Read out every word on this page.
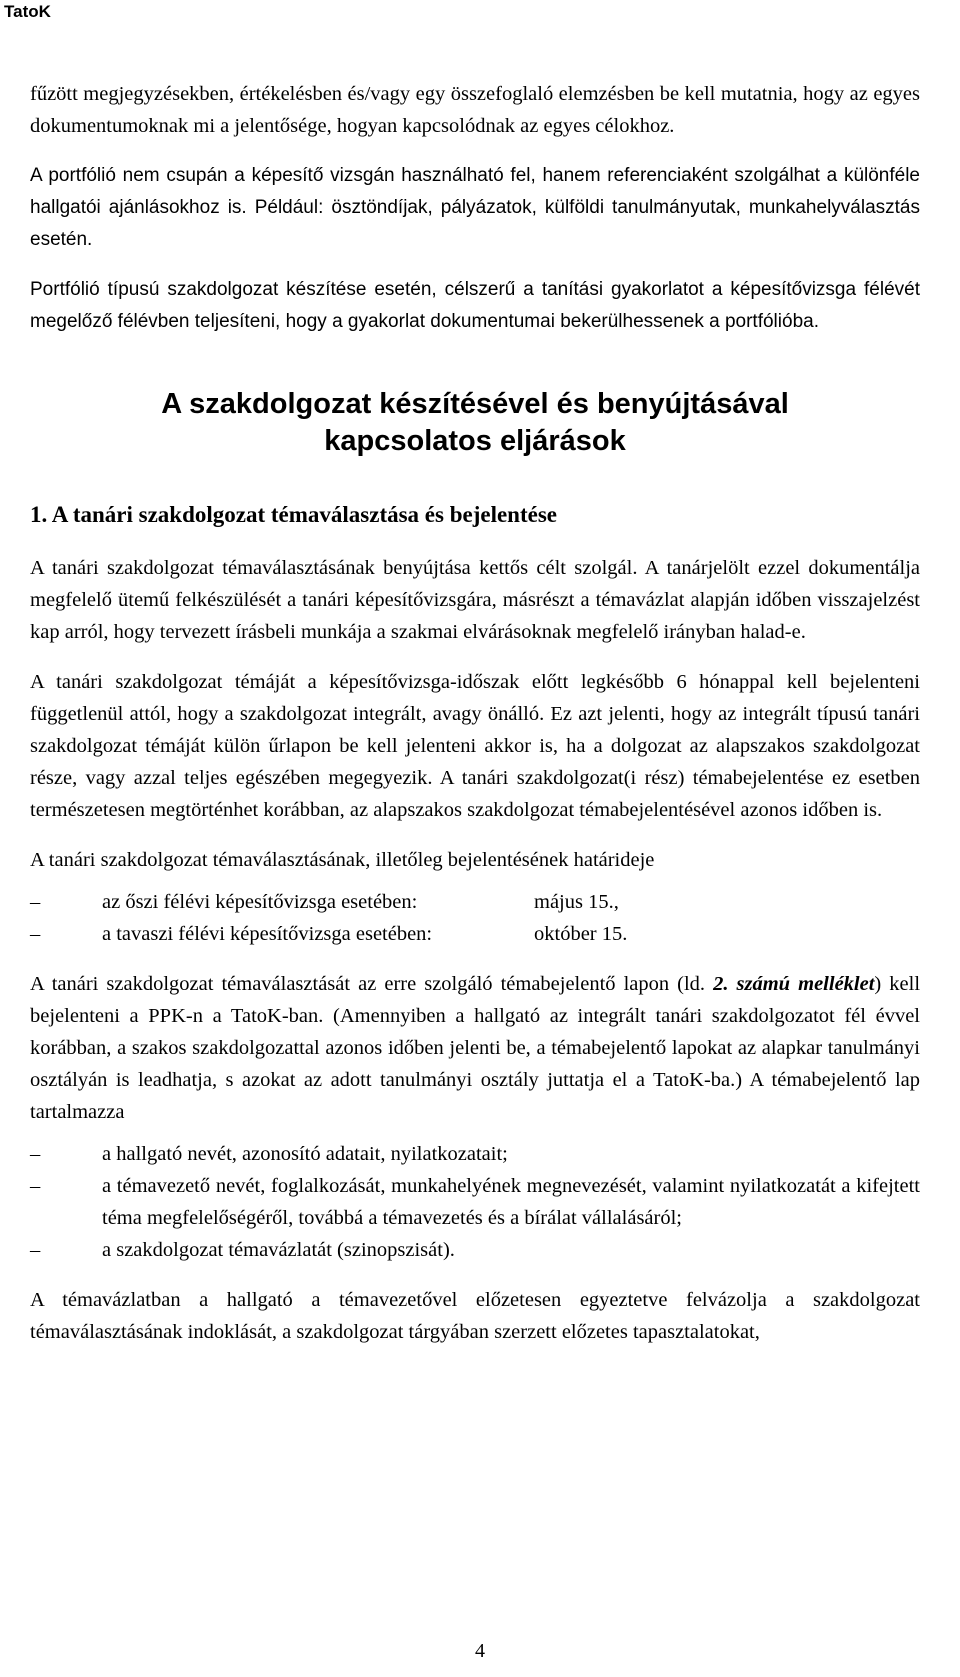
TatoK

fűzött megjegyzésekben, értékelésben és/vagy egy összefoglaló elemzésben be kell mutatnia, hogy az egyes dokumentumoknak mi a jelentősége, hogyan kapcsolódnak az egyes célokhoz.

A portfólió nem csupán a képesítő vizsgán használható fel, hanem referenciaként szolgálhat a különféle hallgatói ajánlásokhoz is. Például: ösztöndíjak, pályázatok, külföldi tanulmányutak, munkahelyválasztás esetén.

Portfólió típusú szakdolgozat készítése esetén, célszerű a tanítási gyakorlatot a képesítővizsga félévét megelőző félévben teljesíteni, hogy a gyakorlat dokumentumai bekerülhessenek a portfólióba.

A szakdolgozat készítésével és benyújtásával
kapcsolatos eljárások
1. A tanári szakdolgozat témaválasztása és bejelentése

A tanári szakdolgozat témaválasztásának benyújtása kettős célt szolgál. A tanárjelölt ezzel dokumentálja megfelelő ütemű felkészülését a tanári képesítővizsgára, másrészt a témavázlat alapján időben visszajelzést kap arról, hogy tervezett írásbeli munkája a szakmai elvárásoknak megfelelő irányban halad-e.

A tanári szakdolgozat témáját a képesítővizsga-időszak előtt legkésőbb 6 hónappal kell bejelenteni függetlenül attól, hogy a szakdolgozat integrált, avagy önálló. Ez azt jelenti, hogy az integrált típusú tanári szakdolgozat témáját külön űrlapon be kell jelenteni akkor is, ha a dolgozat az alapszakos szakdolgozat része, vagy azzal teljes egészében megegyezik. A tanári szakdolgozat(i rész) témabejelentése ez esetben természetesen megtörténhet korábban, az alapszakos szakdolgozat témabejelentésével azonos időben is.

A tanári szakdolgozat témaválasztásának, illetőleg bejelentésének határideje

–	az őszi félévi képesítővizsga esetében:	május 15.,
–	a tavaszi félévi képesítővizsga esetében:	október 15.

A tanári szakdolgozat témaválasztását az erre szolgáló témabejelentő lapon (ld. 2. számú melléklet) kell bejelenteni a PPK-n a TatoK-ban. (Amennyiben a hallgató az integrált tanári szakdolgozatot fél évvel korábban, a szakos szakdolgozattal azonos időben jelenti be, a témabejelentő lapokat az alapkar tanulmányi osztályán is leadhatja, s azokat az adott tanulmányi osztály juttatja el a TatoK-ba.) A témabejelentő lap tartalmazza

–	a hallgató nevét, azonosító adatait, nyilatkozatait;
–	a témavezető nevét, foglalkozását, munkahelyének megnevezését, valamint nyilatkozatát a kifejtett téma megfelelőségéről, továbbá a témavezetés és a bírálat vállalásáról;
–	a szakdolgozat témavázlatát (szinopszisát).

A témavázlatban a hallgató a témavezetővel előzetesen egyeztetve felvázolja a szakdolgozat témaválasztásának indoklását, a szakdolgozat tárgyában szerzett előzetes tapasztalatokat,

4
